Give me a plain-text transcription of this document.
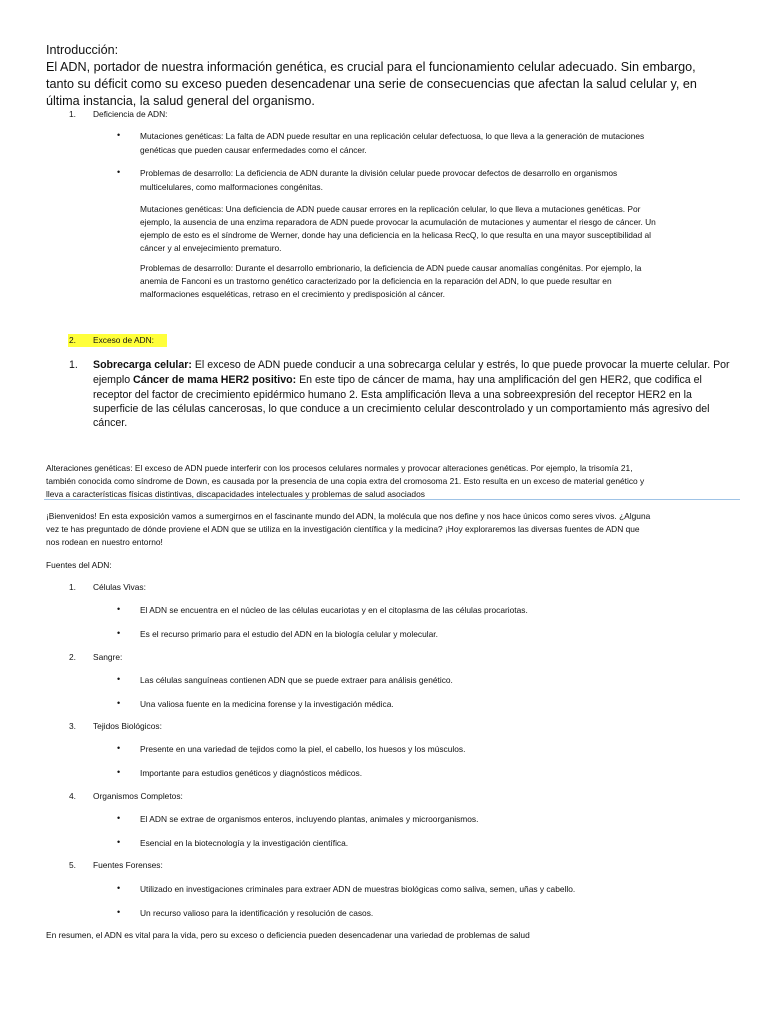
Introducción:
El ADN, portador de nuestra información genética, es crucial para el funcionamiento celular adecuado. Sin embargo,
tanto su déficit como su exceso pueden desencadenar una serie de consecuencias que afectan la salud celular y, en
última instancia, la salud general del organismo.
1. Deficiencia de ADN:
• Mutaciones genéticas: La falta de ADN puede resultar en una replicación celular defectuosa, lo que lleva a la generación de mutaciones
genéticas que pueden causar enfermedades como el cáncer.
• Problemas de desarrollo: La deficiencia de ADN durante la división celular puede provocar defectos de desarrollo en organismos
multicelulares, como malformaciones congénitas.
Mutaciones genéticas: Una deficiencia de ADN puede causar errores en la replicación celular, lo que lleva a mutaciones genéticas. Por
ejemplo, la ausencia de una enzima reparadora de ADN puede provocar la acumulación de mutaciones y aumentar el riesgo de cáncer. Un
ejemplo de esto es el síndrome de Werner, donde hay una deficiencia en la helicasa RecQ, lo que resulta en una mayor susceptibilidad al
cáncer y al envejecimiento prematuro.
Problemas de desarrollo: Durante el desarrollo embrionario, la deficiencia de ADN puede causar anomalías congénitas. Por ejemplo, la
anemia de Fanconi es un trastorno genético caracterizado por la deficiencia en la reparación del ADN, lo que puede resultar en
malformaciones esqueléticas, retraso en el crecimiento y predisposición al cáncer.
2. Exceso de ADN:
1. Sobrecarga celular: El exceso de ADN puede conducir a una sobrecarga celular y estrés, lo que puede provocar la muerte celular. Por
ejemplo Cáncer de mama HER2 positivo: En este tipo de cáncer de mama, hay una amplificación del gen HER2, que codifica el
receptor del factor de crecimiento epidérmico humano 2. Esta amplificación lleva a una sobreexpresión del receptor HER2 en la
superficie de las células cancerosas, lo que conduce a un crecimiento celular descontrolado y un comportamiento más agresivo del
cáncer.
Alteraciones genéticas: El exceso de ADN puede interferir con los procesos celulares normales y provocar alteraciones genéticas. Por ejemplo, la trisomía 21,
también conocida como síndrome de Down, es causada por la presencia de una copia extra del cromosoma 21. Esto resulta en un exceso de material genético y
lleva a características físicas distintivas, discapacidades intelectuales y problemas de salud asociados
¡Bienvenidos! En esta exposición vamos a sumergirnos en el fascinante mundo del ADN, la molécula que nos define y nos hace únicos como seres vivos. ¿Alguna
vez te has preguntado de dónde proviene el ADN que se utiliza en la investigación científica y la medicina? ¡Hoy exploraremos las diversas fuentes de ADN que
nos rodean en nuestro entorno!
Fuentes del ADN:
1. Células Vivas:
• El ADN se encuentra en el núcleo de las células eucariotas y en el citoplasma de las células procariotas.
• Es el recurso primario para el estudio del ADN en la biología celular y molecular.
2. Sangre:
• Las células sanguíneas contienen ADN que se puede extraer para análisis genético.
• Una valiosa fuente en la medicina forense y la investigación médica.
3. Tejidos Biológicos:
• Presente en una variedad de tejidos como la piel, el cabello, los huesos y los músculos.
• Importante para estudios genéticos y diagnósticos médicos.
4. Organismos Completos:
• El ADN se extrae de organismos enteros, incluyendo plantas, animales y microorganismos.
• Esencial en la biotecnología y la investigación científica.
5. Fuentes Forenses:
• Utilizado en investigaciones criminales para extraer ADN de muestras biológicas como saliva, semen, uñas y cabello.
• Un recurso valioso para la identificación y resolución de casos.
En resumen, el ADN es vital para la vida, pero su exceso o deficiencia pueden desencadenar una variedad de problemas de salud
